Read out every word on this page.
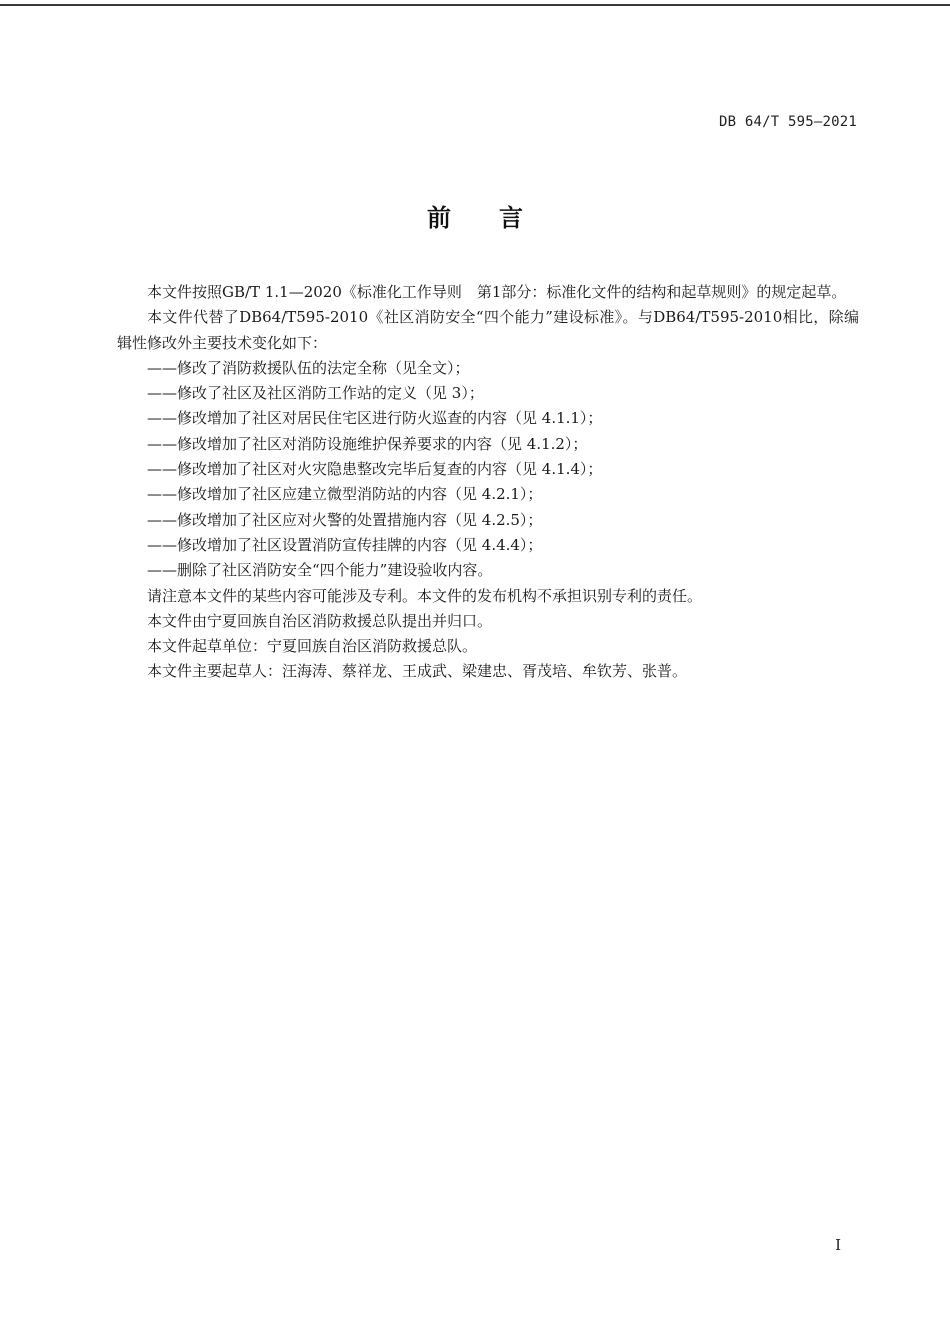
DB 64/T 595—2021
前言

本文件按照GB/T 1.1—2020《标准化工作导则　第1部分：标准化文件的结构和起草规则》的规定起草。

本文件代替了DB64/T595-2010《社区消防安全“四个能力”建设标准》。与DB64/T595-2010相比，除编辑性修改外主要技术变化如下：

——修改了消防救援队伍的法定全称（见全文）；

——修改了社区及社区消防工作站的定义（见 3）；

——修改增加了社区对居民住宅区进行防火巡查的内容（见 4.1.1）；

——修改增加了社区对消防设施维护保养要求的内容（见 4.1.2）；

——修改增加了社区对火灾隐患整改完毕后复查的内容（见 4.1.4）；

——修改增加了社区应建立微型消防站的内容（见 4.2.1）；

——修改增加了社区应对火警的处置措施内容（见 4.2.5）；

——修改增加了社区设置消防宣传挂牌的内容（见 4.4.4）；

——删除了社区消防安全“四个能力”建设验收内容。

请注意本文件的某些内容可能涉及专利。本文件的发布机构不承担识别专利的责任。

本文件由宁夏回族自治区消防救援总队提出并归口。

本文件起草单位：宁夏回族自治区消防救援总队。

本文件主要起草人：汪海涛、蔡祥龙、王成武、梁建忠、胥茂培、牟钦芳、张普。

I
